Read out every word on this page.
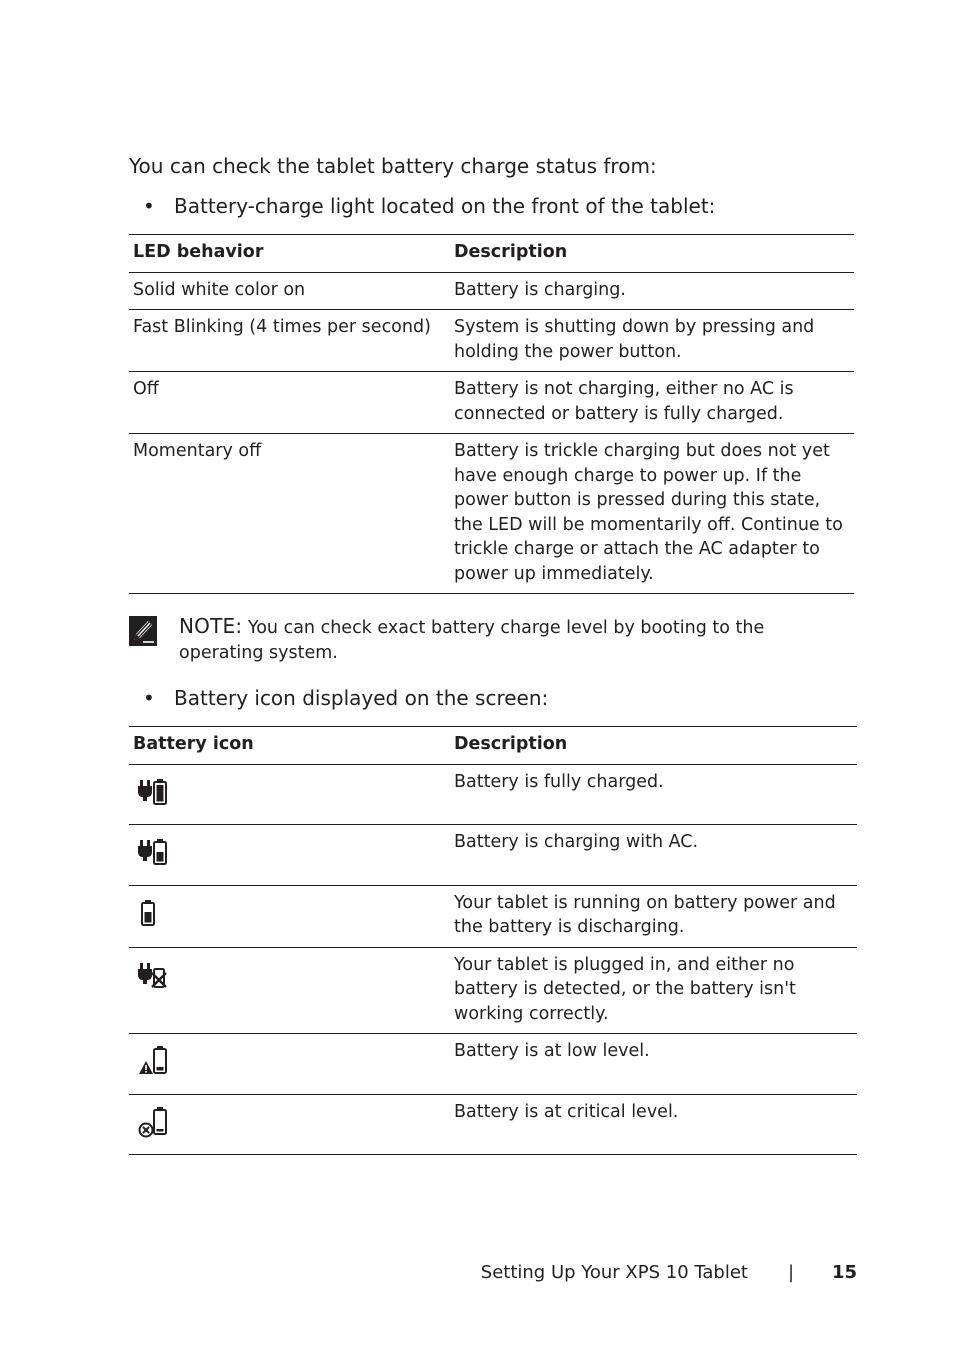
You can check the tablet battery charge status from:

• Battery-charge light located on the front of the tablet:
LED behavior	Description
Solid white color on	Battery is charging.
Fast Blinking (4 times per second)	System is shutting down by pressing and holding the power button.
Off	Battery is not charging, either no AC is connected or battery is fully charged.
Momentary off	Battery is trickle charging but does not yet have enough charge to power up. If the power button is pressed during this state, the LED will be momentarily off. Continue to trickle charge or attach the AC adapter to power up immediately.
NOTE: You can check exact battery charge level by booting to the operating system.
• Battery icon displayed on the screen:
Battery icon	Description
	Battery is fully charged.
	Battery is charging with AC.
	Your tablet is running on battery power and the battery is discharging.
	Your tablet is plugged in, and either no battery is detected, or the battery isn't working correctly.
	Battery is at low level.
	Battery is at critical level.
Setting Up Your XPS 10 Tablet | 15
